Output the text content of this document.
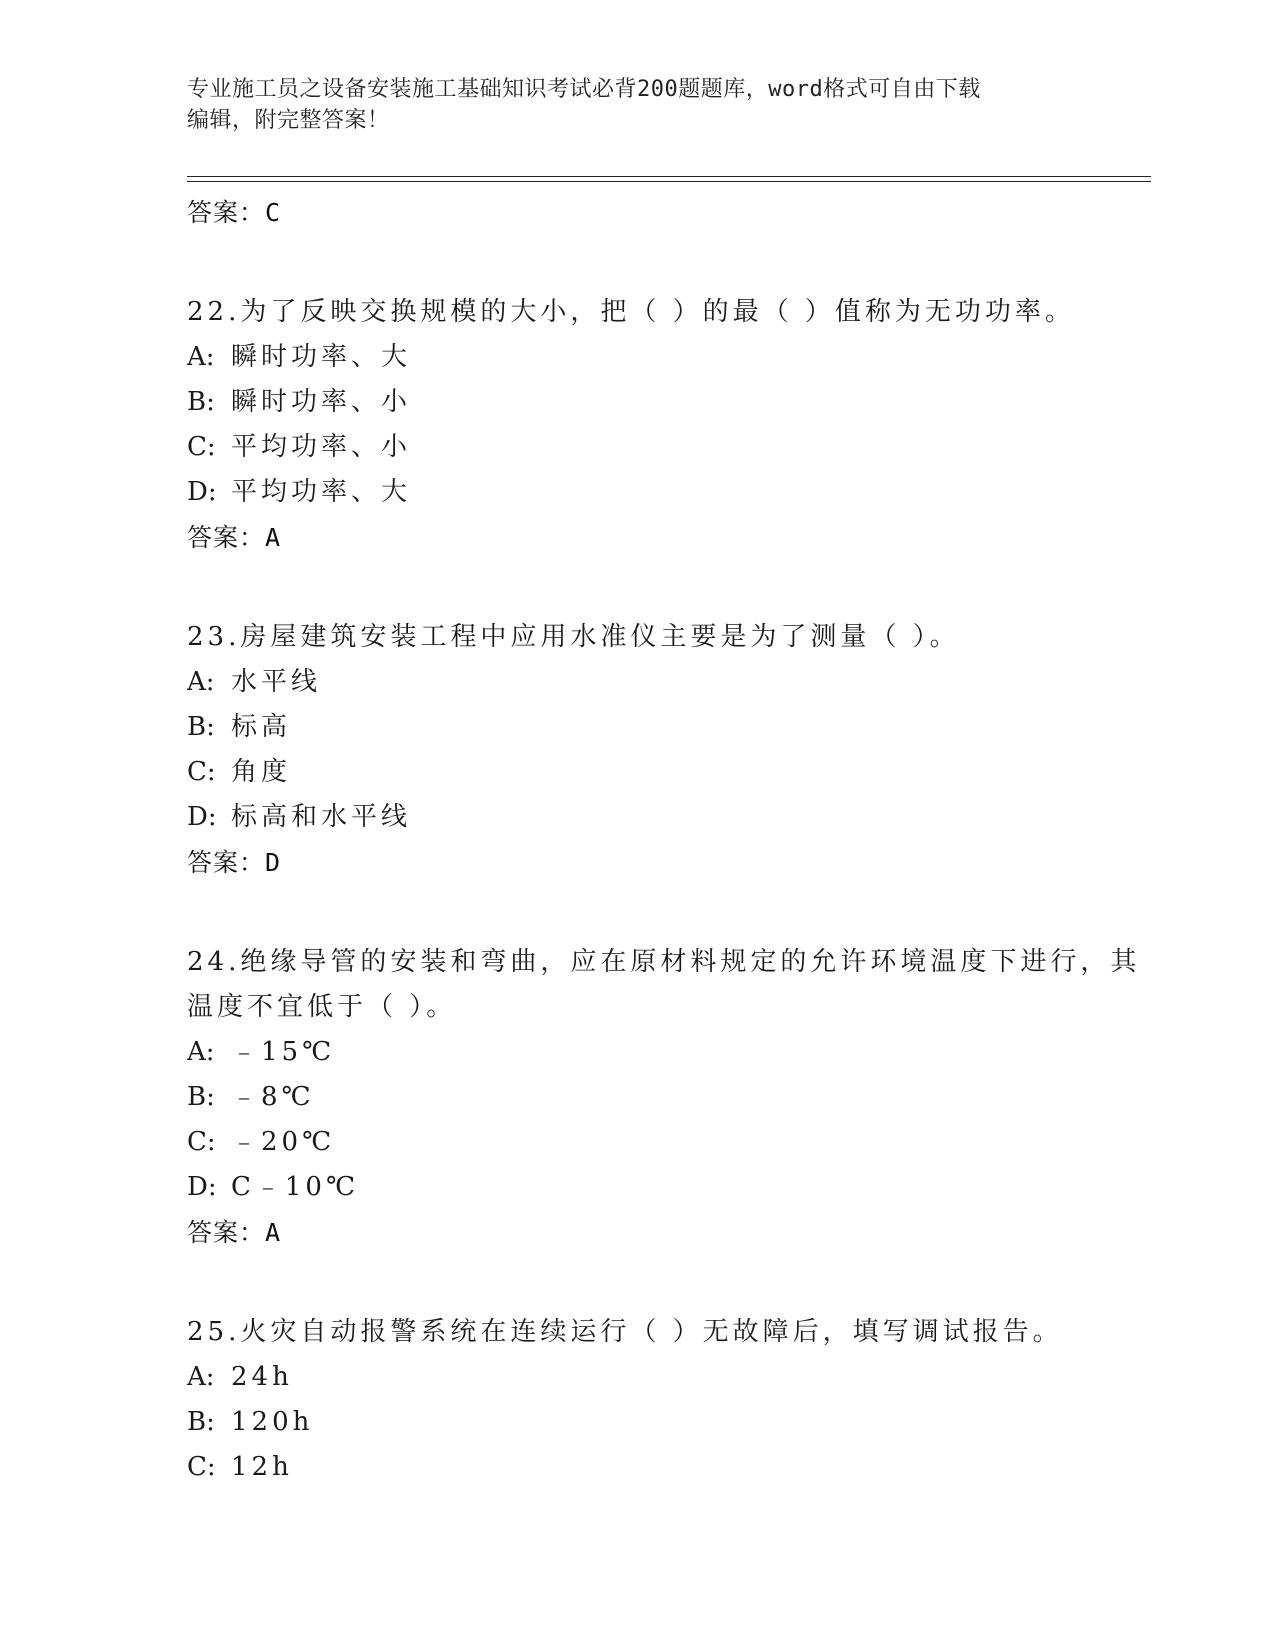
专业施工员之设备安装施工基础知识考试必背200题题库，word格式可自由下载
编辑，附完整答案！
答案：C
22.为了反映交换规模的大小，把（ ）的最（ ）值称为无功功率。
A: 瞬时功率、大
B: 瞬时功率、小
C: 平均功率、小
D: 平均功率、大
答案：A
23.房屋建筑安装工程中应用水准仪主要是为了测量（ ）。
A: 水平线
B: 标高
C: 角度
D: 标高和水平线
答案：D
24.绝缘导管的安装和弯曲，应在原材料规定的允许环境温度下进行，其温度不宜低于（ ）。
A: ﹣15℃
B: ﹣8℃
C: ﹣20℃
D: C﹣10℃
答案：A
25.火灾自动报警系统在连续运行（ ）无故障后，填写调试报告。
A: 24h
B: 120h
C: 12h
